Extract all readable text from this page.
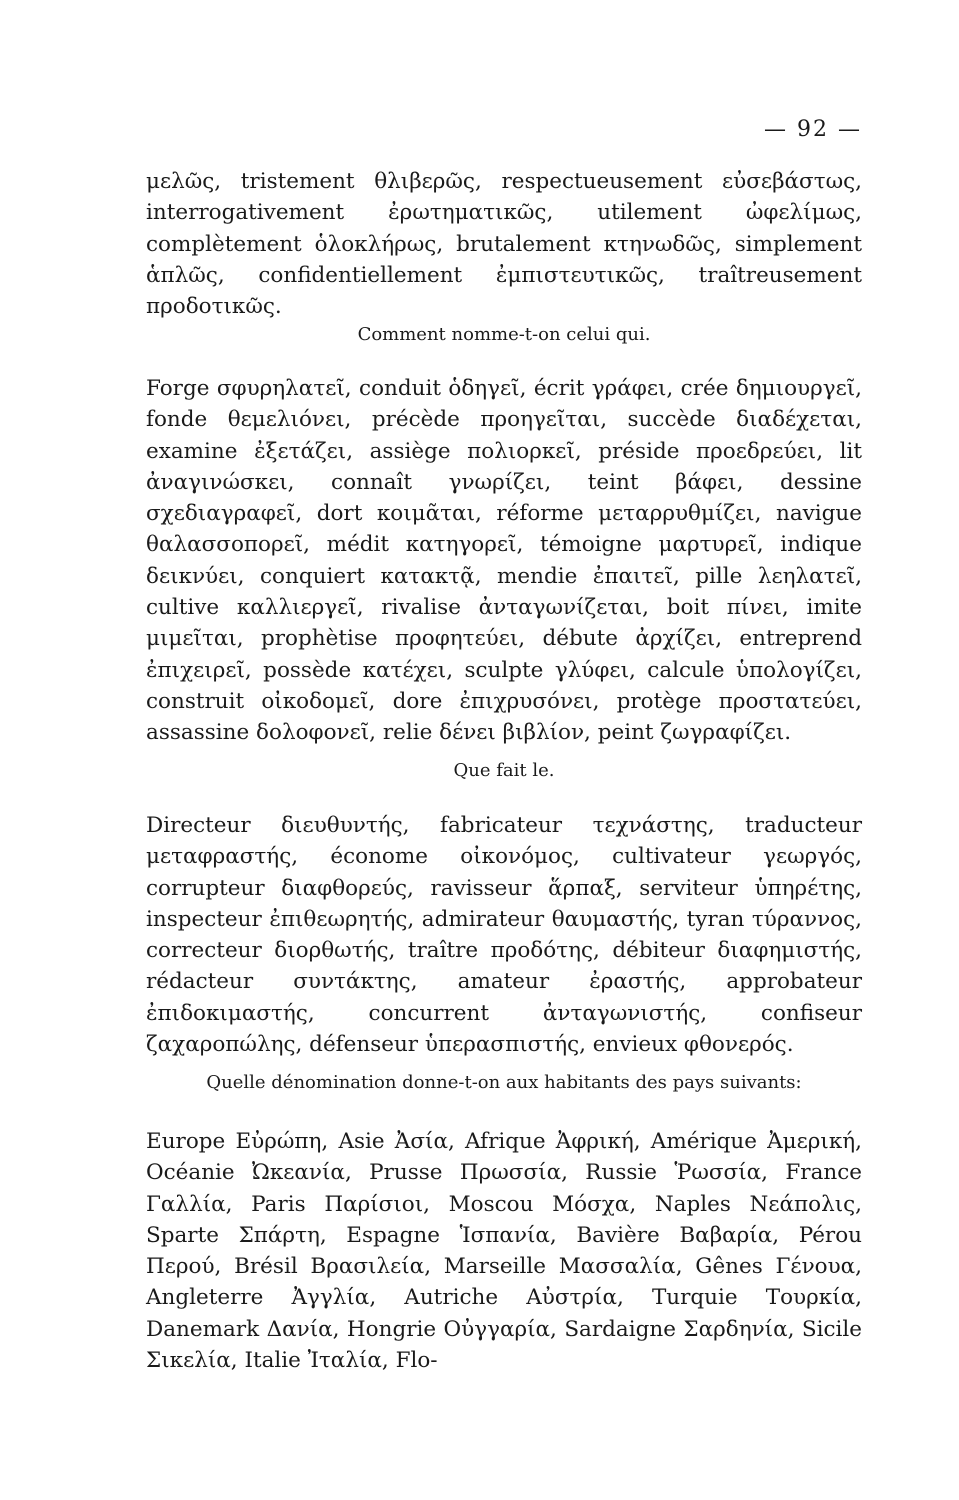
— 92 —

μελῶς, tristement θλιβερῶς, respectueusement εὐσεβάστως, interrogativement ἐρωτηματικῶς, utilement ὠφελίμως, complètement ὁλοκλήρως, brutalement κτηνωδῶς, simplement ἁπλῶς, confidentiellement ἐμπιστευτικῶς, traîtreusement προδοτικῶς.

Comment nomme-t-on celui qui.

Forge σφυρηλατεῖ, conduit ὁδηγεῖ, écrit γράφει, crée δημιουργεῖ, fonde θεμελιόνει, précède προηγεῖται, succède διαδέχεται, examine ἐξετάζει, assiège πολιορκεῖ, préside προεδρεύει, lit ἀναγινώσκει, connaît γνωρίζει, teint βάφει, dessine σχεδιαγραφεῖ, dort κοιμᾶται, réforme μεταρρυθμίζει, navigue θαλασσοπορεῖ, médit κατηγορεῖ, témoigne μαρτυρεῖ, indique δεικνύει, conquiert κατακτᾷ, mendie ἐπαιτεῖ, pille λεηλατεῖ, cultive καλλιεργεῖ, rivalise ἀνταγωνίζεται, boit πίνει, imite μιμεῖται, prophètise προφητεύει, débute ἀρχίζει, entreprend ἐπιχειρεῖ, possède κατέχει, sculpte γλύφει, calcule ὑπολογίζει, construit οἰκοδομεῖ, dore ἐπιχρυσόνει, protège προστατεύει, assassine δολοφονεῖ, relie δένει βιβλίον, peint ζωγραφίζει.

Que fait le.

Directeur διευθυντής, fabricateur τεχνάστης, traducteur μεταφραστής, économe οἰκονόμος, cultivateur γεωργός, corrupteur διαφθορεύς, ravisseur ἅρπαξ, serviteur ὑπηρέτης, inspecteur ἐπιθεωρητής, admirateur θαυμαστής, tyran τύραννος, correcteur διορθωτής, traître προδότης, débiteur διαφημιστής, rédacteur συντάκτης, amateur ἐραστής, approbateur ἐπιδοκιμαστής, concurrent ἀνταγωνιστής, confiseur ζαχαροπώλης, défenseur ὑπερασπιστής, envieux φθονερός.

Quelle dénomination donne-t-on aux habitants des pays suivants:

Europe Εὐρώπη, Asie Ἀσία, Afrique Ἀφρική, Amérique Ἀμερική, Océanie Ὠκεανία, Prusse Πρωσσία, Russie Ῥωσσία, France Γαλλία, Paris Παρίσιοι, Moscou Μόσχα, Naples Νεάπολις, Sparte Σπάρτη, Espagne Ἱσπανία, Bavière Βαβαρία, Pérou Περού, Brésil Βρασιλεία, Marseille Μασσαλία, Gênes Γένουα, Angleterre Ἀγγλία, Autriche Αὐστρία, Turquie Τουρκία, Danemark Δανία, Hongrie Οὐγγαρία, Sardaigne Σαρδηνία, Sicile Σικελία, Italie Ἰταλία, Flo-
